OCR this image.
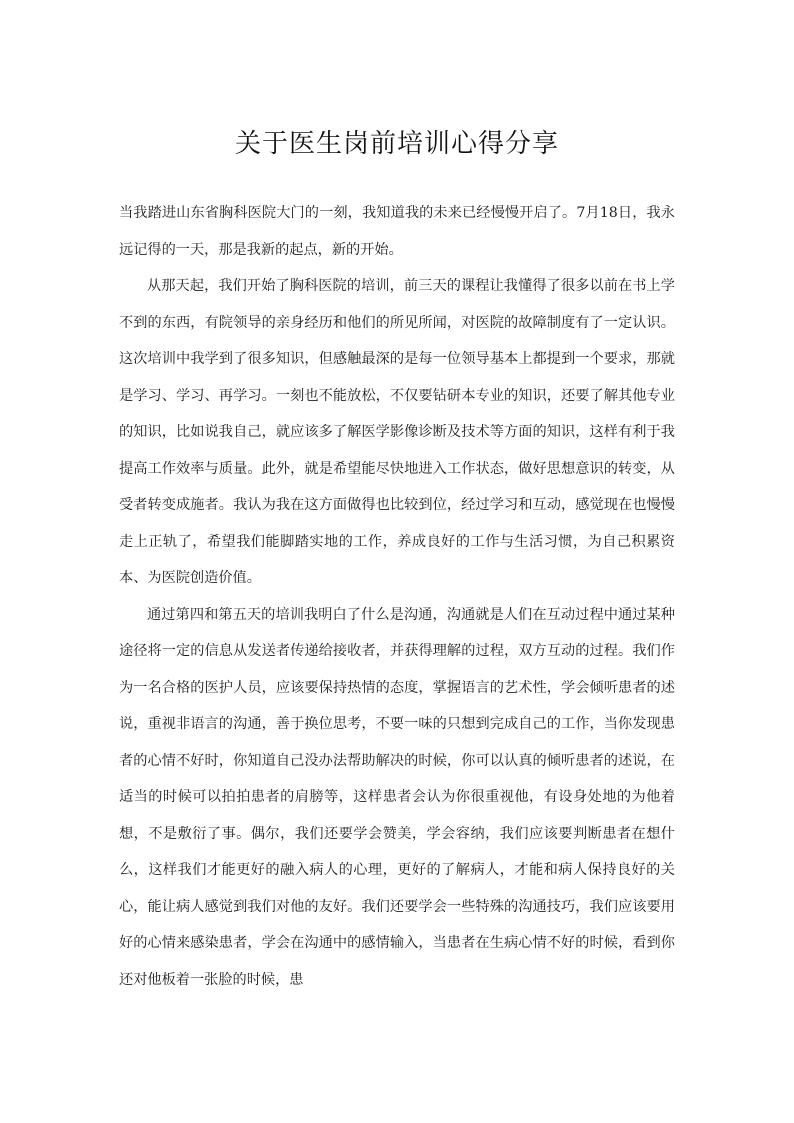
关于医生岗前培训心得分享

当我踏进山东省胸科医院大门的一刻，我知道我的未来已经慢慢开启了。7月18日，我永远记得的一天，那是我新的起点，新的开始。

从那天起，我们开始了胸科医院的培训，前三天的课程让我懂得了很多以前在书上学不到的东西，有院领导的亲身经历和他们的所见所闻，对医院的故障制度有了一定认识。这次培训中我学到了很多知识，但感触最深的是每一位领导基本上都提到一个要求，那就是学习、学习、再学习。一刻也不能放松，不仅要钻研本专业的知识，还要了解其他专业的知识，比如说我自己，就应该多了解医学影像诊断及技术等方面的知识，这样有利于我提高工作效率与质量。此外，就是希望能尽快地进入工作状态，做好思想意识的转变，从受者转变成施者。我认为我在这方面做得也比较到位，经过学习和互动，感觉现在也慢慢走上正轨了，希望我们能脚踏实地的工作，养成良好的工作与生活习惯，为自己积累资本、为医院创造价值。

通过第四和第五天的培训我明白了什么是沟通，沟通就是人们在互动过程中通过某种途径将一定的信息从发送者传递给接收者，并获得理解的过程，双方互动的过程。我们作为一名合格的医护人员，应该要保持热情的态度，掌握语言的艺术性，学会倾听患者的述说，重视非语言的沟通，善于换位思考，不要一味的只想到完成自己的工作，当你发现患者的心情不好时，你知道自己没办法帮助解决的时候，你可以认真的倾听患者的述说，在适当的时候可以拍拍患者的肩膀等，这样患者会认为你很重视他，有设身处地的为他着想，不是敷衍了事。偶尔，我们还要学会赞美，学会容纳，我们应该要判断患者在想什么，这样我们才能更好的融入病人的心理，更好的了解病人，才能和病人保持良好的关心，能让病人感觉到我们对他的友好。我们还要学会一些特殊的沟通技巧，我们应该要用好的心情来感染患者，学会在沟通中的感情输入，当患者在生病心情不好的时候，看到你还对他板着一张脸的时候，患
